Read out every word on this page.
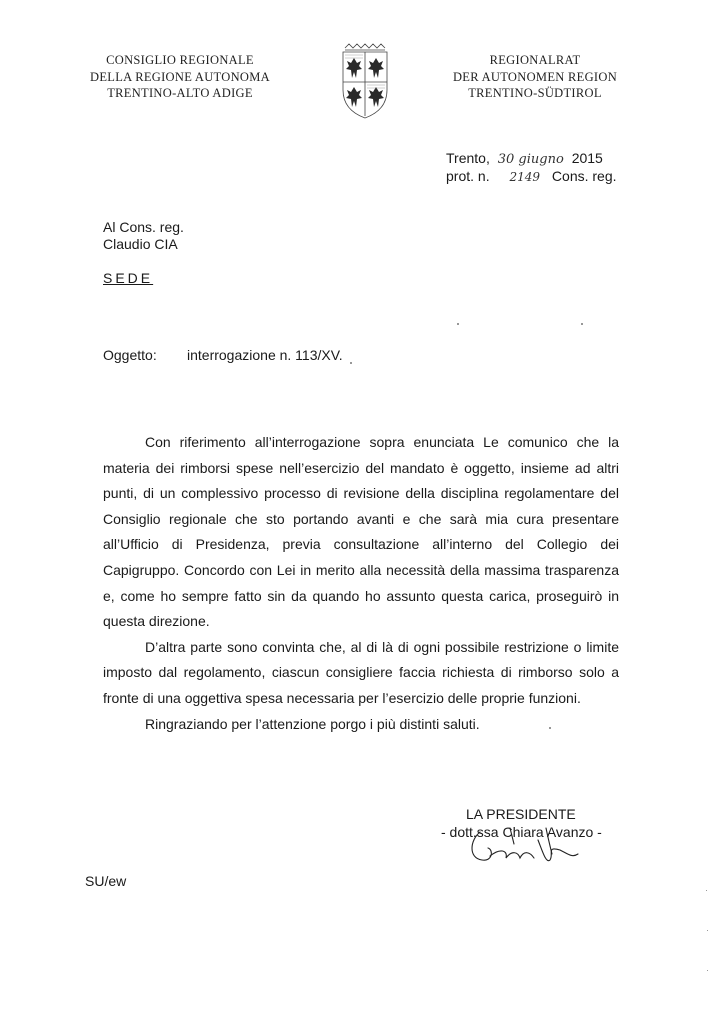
CONSIGLIO REGIONALE
DELLA REGIONE AUTONOMA
TRENTINO-ALTO ADIGE
REGIONALRAT
DER AUTONOMEN REGION
TRENTINO-SÜDTIROL
Trento, 30 giugno 2015
prot. n. 2149 Cons. reg.
Al Cons. reg.
Claudio CIA
SEDE
Oggetto: interrogazione n. 113/XV.

Con riferimento all’interrogazione sopra enunciata Le comunico che la materia dei rimborsi spese nell’esercizio del mandato è oggetto, insieme ad altri punti, di un complessivo processo di revisione della disciplina regolamentare del Consiglio regionale che sto portando avanti e che sarà mia cura presentare all’Ufficio di Presidenza, previa consultazione all’interno del Collegio dei Capigruppo. Concordo con Lei in merito alla necessità della massima trasparenza e, come ho sempre fatto sin da quando ho assunto questa carica, proseguirò in questa direzione.

D’altra parte sono convinta che, al di là di ogni possibile restrizione o limite imposto dal regolamento, ciascun consigliere faccia richiesta di rimborso solo a fronte di una oggettiva spesa necessaria per l’esercizio delle proprie funzioni.

Ringraziando per l’attenzione porgo i più distinti saluti.

LA PRESIDENTE
- dott.ssa Chiara Avanzo -
SU/ew
